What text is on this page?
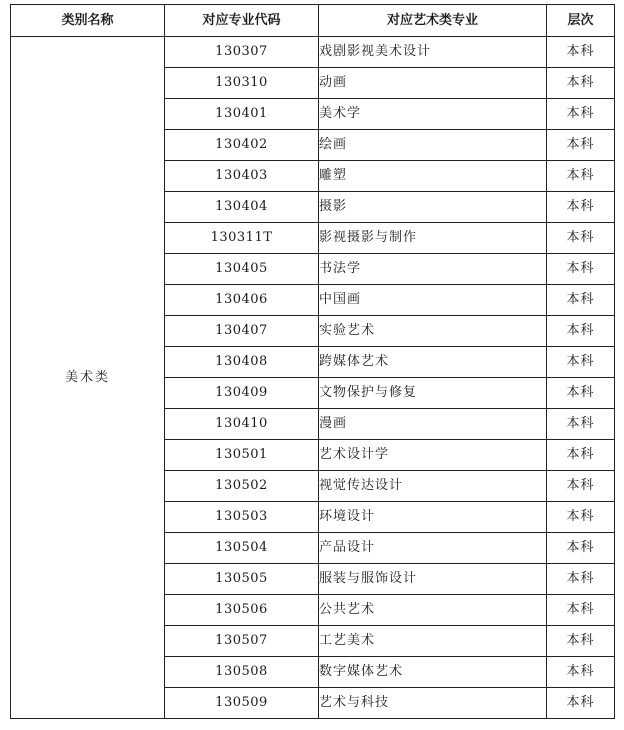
类别名称	对应专业代码	对应艺术类专业	层次
美术类	130307	戏剧影视美术设计	本科
	130310	动画	本科
	130401	美术学	本科
	130402	绘画	本科
	130403	雕塑	本科
	130404	摄影	本科
	130311T	影视摄影与制作	本科
	130405	书法学	本科
	130406	中国画	本科
	130407	实验艺术	本科
	130408	跨媒体艺术	本科
	130409	文物保护与修复	本科
	130410	漫画	本科
	130501	艺术设计学	本科
	130502	视觉传达设计	本科
	130503	环境设计	本科
	130504	产品设计	本科
	130505	服装与服饰设计	本科
	130506	公共艺术	本科
	130507	工艺美术	本科
	130508	数字媒体艺术	本科
	130509	艺术与科技	本科
